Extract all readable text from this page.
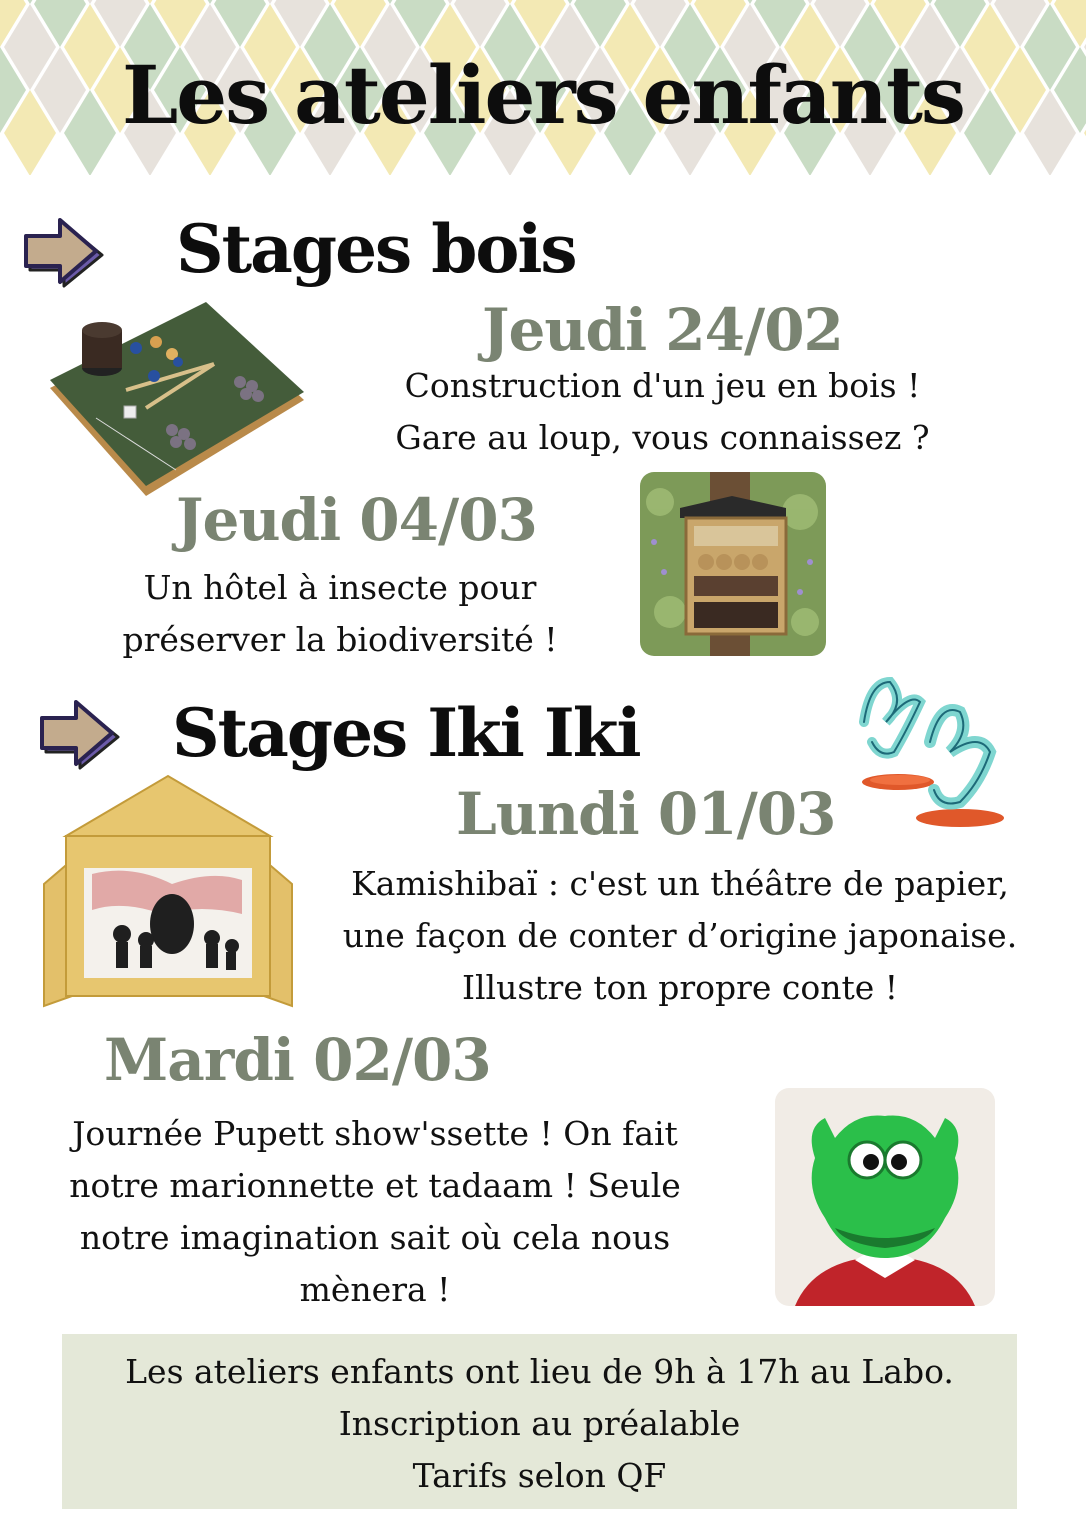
Les ateliers enfants
Stages bois
Jeudi 24/02
Construction d'un jeu en bois !
Gare au loup, vous connaissez ?
Jeudi 04/03
Un hôtel à insecte pour
préserver la biodiversité !
Stages Iki Iki
Lundi 01/03
Kamishibaï : c'est un théâtre de papier,
une façon de conter d’origine japonaise.
Illustre ton propre conte !
Mardi 02/03
Journée Pupett show'ssette ! On fait
notre marionnette et tadaam ! Seule
notre imagination sait où cela nous
mènera !
Les ateliers enfants ont lieu de 9h à 17h au Labo.
Inscription au préalable
Tarifs selon QF
